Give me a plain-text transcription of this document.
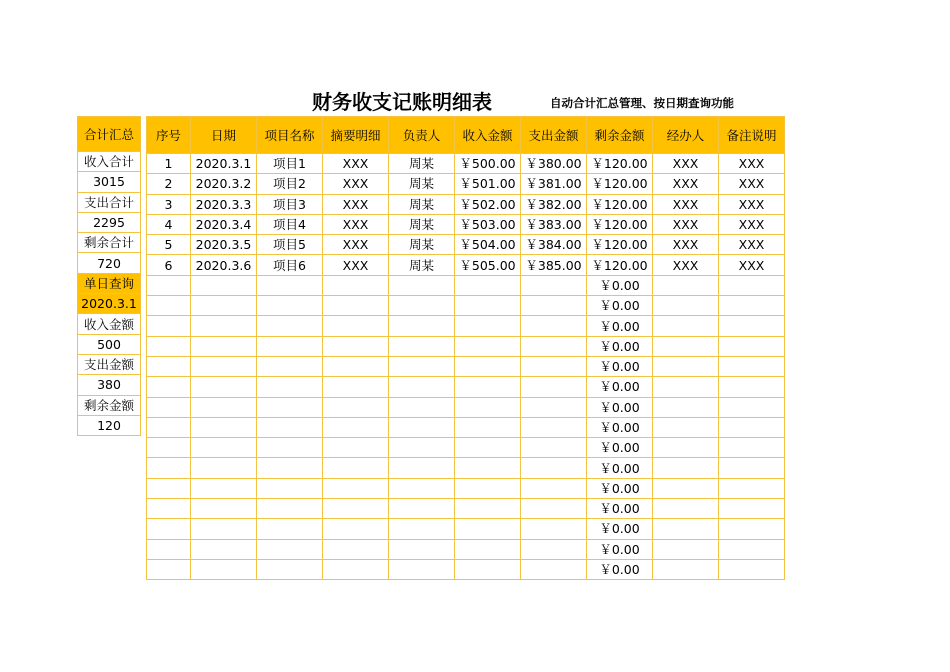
财务收支记账明细表	自动合计汇总管理、按日期查询功能
合计汇总
收入合计
3015
支出合计
2295
剩余合计
720
单日查询
2020.3.1
收入金额
500
支出金额
380
剩余金额
120
序号	日期	项目名称	摘要明细	负责人	收入金额	支出金额	剩余金额	经办人	备注说明
1	2020.3.1	项目1	XXX	周某	￥500.00	￥380.00	￥120.00	XXX	XXX
2	2020.3.2	项目2	XXX	周某	￥501.00	￥381.00	￥120.00	XXX	XXX
3	2020.3.3	项目3	XXX	周某	￥502.00	￥382.00	￥120.00	XXX	XXX
4	2020.3.4	项目4	XXX	周某	￥503.00	￥383.00	￥120.00	XXX	XXX
5	2020.3.5	项目5	XXX	周某	￥504.00	￥384.00	￥120.00	XXX	XXX
6	2020.3.6	项目6	XXX	周某	￥505.00	￥385.00	￥120.00	XXX	XXX
							￥0.00		
							￥0.00		
							￥0.00		
							￥0.00		
							￥0.00		
							￥0.00		
							￥0.00		
							￥0.00		
							￥0.00		
							￥0.00		
							￥0.00		
							￥0.00		
							￥0.00		
							￥0.00		
							￥0.00		
